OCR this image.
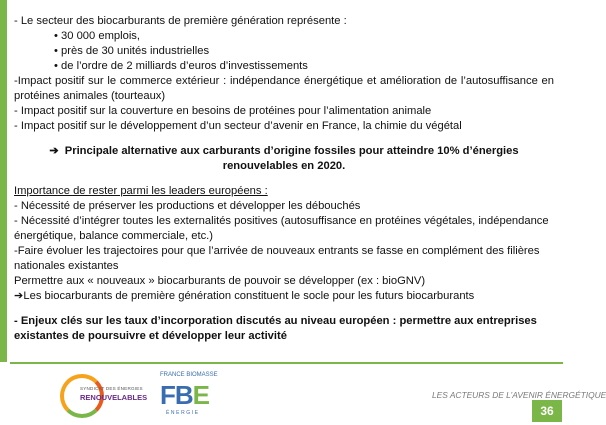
- Le secteur des biocarburants de première génération représente :
• 30 000 emplois,
• près de 30 unités industrielles
• de l’ordre de 2 milliards d’euros d’investissements
-Impact positif sur le commerce extérieur : indépendance énergétique et amélioration de l’autosuffisance en protéines animales (tourteaux)
- Impact positif sur la couverture en besoins de protéines pour l’alimentation animale
- Impact positif sur le développement d’un secteur d’avenir en France, la chimie du végétal
➔ Principale alternative aux carburants d’origine fossiles pour atteindre 10% d’énergies renouvelables en 2020.
Importance de rester parmi les leaders européens :
- Nécessité de préserver les productions et développer les débouchés
- Nécessité d’intégrer toutes les externalités positives (autosuffisance en protéines végétales, indépendance énergétique, balance commerciale, etc.)
-Faire évoluer les trajectoires pour que l’arrivée de nouveaux entrants se fasse en complément des filières nationales existantes
Permettre aux « nouveaux » biocarburants de pouvoir se développer (ex : bioGNV)
➔Les biocarburants de première génération constituent le socle pour les futurs biocarburants
- Enjeux clés sur les taux d’incorporation discutés au niveau européen : permettre aux entreprises existantes de poursuivre et développer leur activité
SYNDICAT DES ÉNERGIES
RENOUVELABLES
FRANCE BIOMASSE
FBE
ÉNERGIE
LES ACTEURS DE L’AVENIR ÉNERGÉTIQUE
36
